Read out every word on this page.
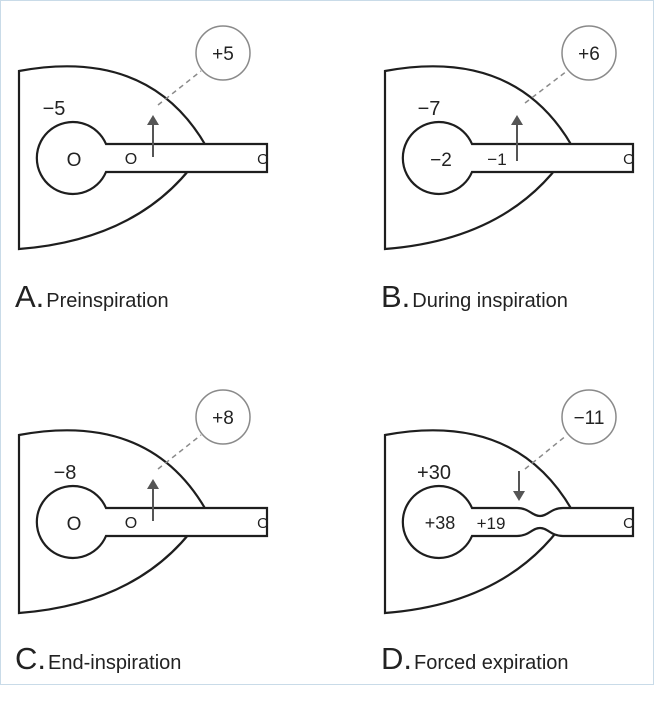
−5
O	O	O
+5
A. Preinspiration
−7
−2 −1	O
+6
B. During inspiration
−8
O	O	O
+8
C. End-inspiration
+30
+38 +19	O
−11
D. Forced expiration
